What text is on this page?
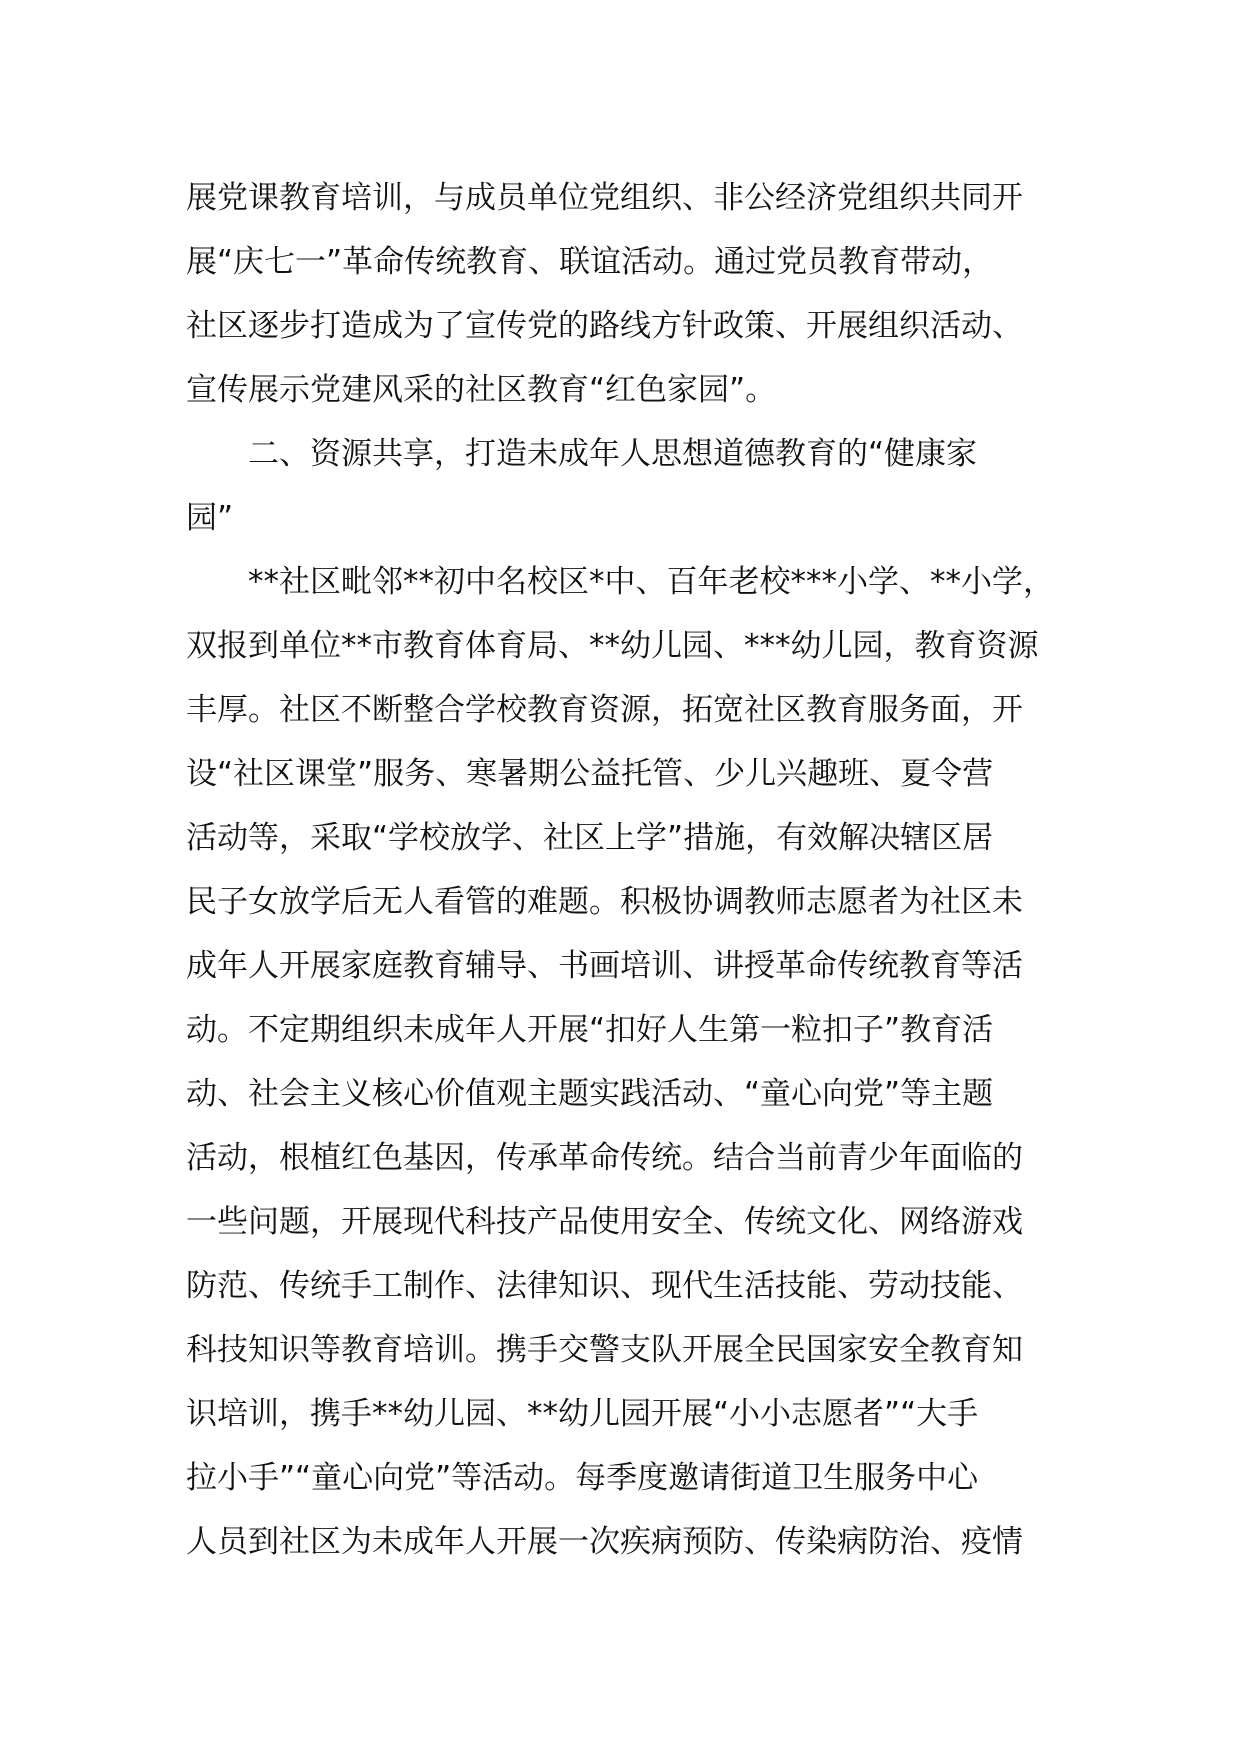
展党课教育培训，与成员单位党组织、非公经济党组织共同开
展“庆七一”革命传统教育、联谊活动。通过党员教育带动，
社区逐步打造成为了宣传党的路线方针政策、开展组织活动、
宣传展示党建风采的社区教育“红色家园”。
二、资源共享，打造未成年人思想道德教育的“健康家
园”
**社区毗邻**初中名校区*中、百年老校***小学、**小学，
双报到单位**市教育体育局、**幼儿园、***幼儿园，教育资源
丰厚。社区不断整合学校教育资源，拓宽社区教育服务面，开
设“社区课堂”服务、寒暑期公益托管、少儿兴趣班、夏令营
活动等，采取“学校放学、社区上学”措施，有效解决辖区居
民子女放学后无人看管的难题。积极协调教师志愿者为社区未
成年人开展家庭教育辅导、书画培训、讲授革命传统教育等活
动。不定期组织未成年人开展“扣好人生第一粒扣子”教育活
动、社会主义核心价值观主题实践活动、“童心向党”等主题
活动，根植红色基因，传承革命传统。结合当前青少年面临的
一些问题，开展现代科技产品使用安全、传统文化、网络游戏
防范、传统手工制作、法律知识、现代生活技能、劳动技能、
科技知识等教育培训。携手交警支队开展全民国家安全教育知
识培训，携手**幼儿园、**幼儿园开展“小小志愿者”“大手
拉小手”“童心向党”等活动。每季度邀请街道卫生服务中心
人员到社区为未成年人开展一次疾病预防、传染病防治、疫情
